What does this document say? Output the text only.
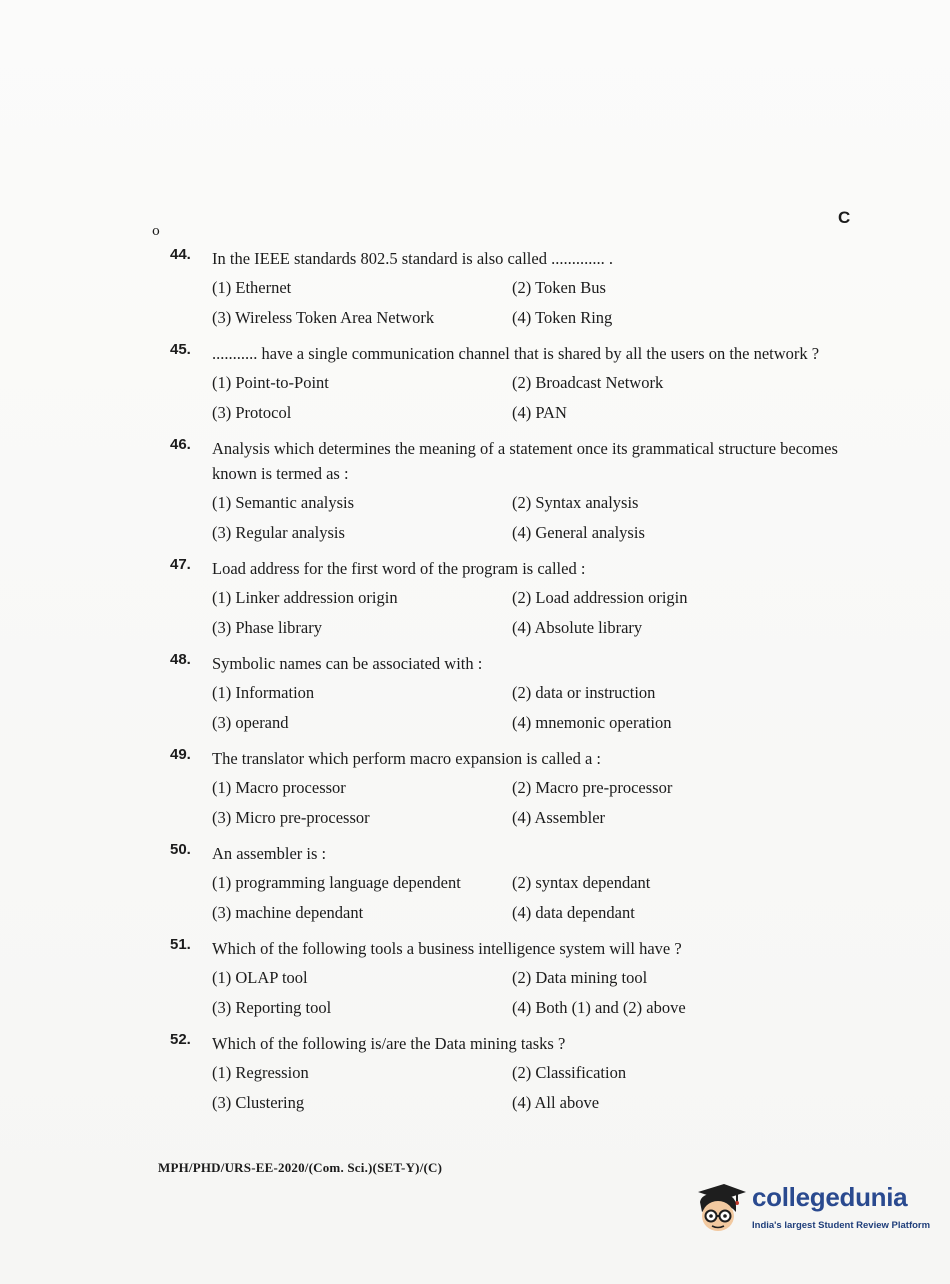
o
C
44. In the IEEE standards 802.5 standard is also called ............. .
(1) Ethernet	(2) Token Bus
(3) Wireless Token Area Network	(4) Token Ring
45. ........... have a single communication channel that is shared by all the users on the network ?
(1) Point-to-Point	(2) Broadcast Network
(3) Protocol	(4) PAN
46. Analysis which determines the meaning of a statement once its grammatical structure becomes known is termed as :
(1) Semantic analysis	(2) Syntax analysis
(3) Regular analysis	(4) General analysis
47. Load address for the first word of the program is called :
(1) Linker addression origin	(2) Load addression origin
(3) Phase library	(4) Absolute library
48. Symbolic names can be associated with :
(1) Information	(2) data or instruction
(3) operand	(4) mnemonic operation
49. The translator which perform macro expansion is called a :
(1) Macro processor	(2) Macro pre-processor
(3) Micro pre-processor	(4) Assembler
50. An assembler is :
(1) programming language dependent	(2) syntax dependant
(3) machine dependant	(4) data dependant
51. Which of the following tools a business intelligence system will have ?
(1) OLAP tool	(2) Data mining tool
(3) Reporting tool	(4) Both (1) and (2) above
52. Which of the following is/are the Data mining tasks ?
(1) Regression	(2) Classification
(3) Clustering	(4) All above
MPH/PHD/URS-EE-2020/(Com. Sci.)(SET-Y)/(C)
collegedunia
India's largest Student Review Platform
